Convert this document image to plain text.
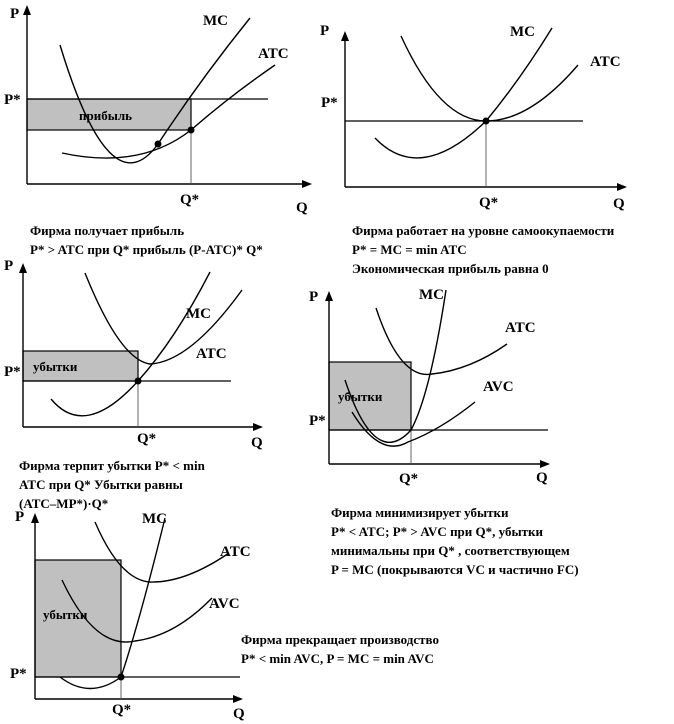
P
Q
P*
Q*
MC
ATC
прибыль
P
Q
P*
Q*
MC
ATC
P
Q
P*
Q*
MC
ATC
убытки
P
Q
P*
Q*
MC
ATC
AVC
убытки
P
Q
P*
Q*
MC
ATC
AVC
убытки
Фирма получает прибыль
P* > ATC при Q* прибыль (P-ATC)* Q*
Фирма работает на уровне самоокупаемости
P* = MC = min ATC
Экономическая прибыль равна 0
Фирма терпит убытки P* < min
ATC при Q* Убытки равны
(ATC–MP*)·Q*
Фирма минимизирует убытки
P* < ATC; P* > AVC при Q*, убытки
минимальны при Q* , соответствующем
P = MC (покрываются VC и частично FC)
Фирма прекращает производство
P* < min AVC, P = MC = min AVC
